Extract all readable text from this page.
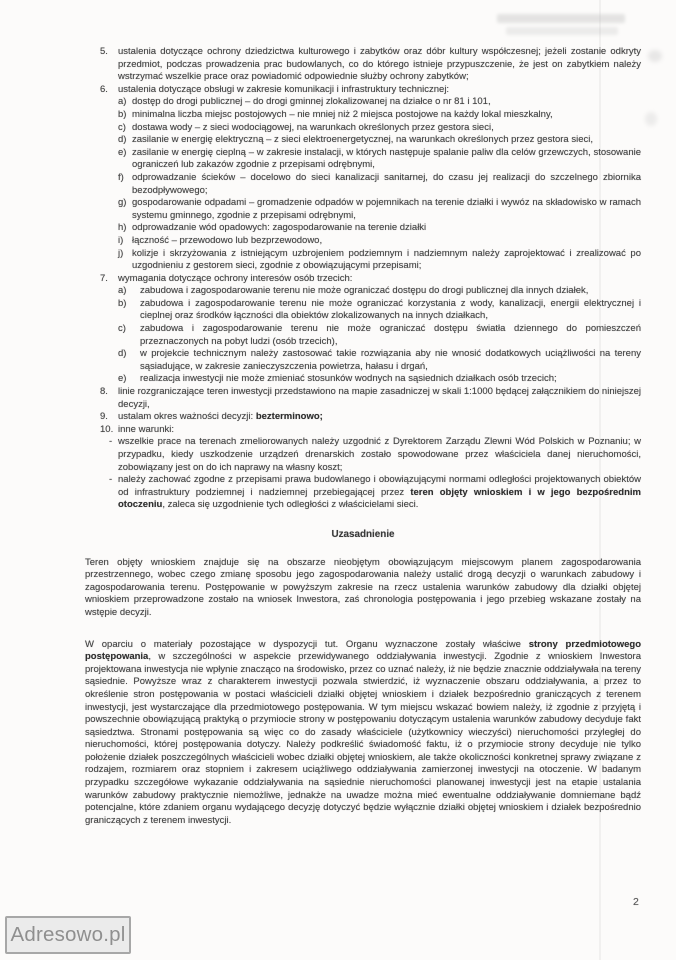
5.	ustalenia dotyczące ochrony dziedzictwa kulturowego i zabytków oraz dóbr kultury współczesnej; jeżeli zostanie odkryty przedmiot, podczas prowadzenia prac budowlanych, co do którego istnieje przypuszczenie, że jest on zabytkiem należy wstrzymać wszelkie prace oraz powiadomić odpowiednie służby ochrony zabytków;
6.	ustalenia dotyczące obsługi w zakresie komunikacji i infrastruktury technicznej:
a) dostęp do drogi publicznej – do drogi gminnej zlokalizowanej na działce o nr 81 i 101,
b) minimalna liczba miejsc postojowych – nie mniej niż 2 miejsca postojowe na każdy lokal mieszkalny,
c) dostawa wody – z sieci wodociągowej, na warunkach określonych przez gestora sieci,
d) zasilanie w energię elektryczną – z sieci elektroenergetycznej, na warunkach określonych przez gestora sieci,
e) zasilanie w energię cieplną – w zakresie instalacji, w których następuje spalanie paliw dla celów grzewczych, stosowanie ograniczeń lub zakazów zgodnie z przepisami odrębnymi,
f) odprowadzanie ścieków – docelowo do sieci kanalizacji sanitarnej, do czasu jej realizacji do szczelnego zbiornika bezodpływowego;
g) gospodarowanie odpadami – gromadzenie odpadów w pojemnikach na terenie działki i wywóz na składowisko w ramach systemu gminnego, zgodnie z przepisami odrębnymi,
h) odprowadzanie wód opadowych: zagospodarowanie na terenie działki
i) łączność – przewodowo lub bezprzewodowo,
j) kolizje i skrzyżowania z istniejącym uzbrojeniem podziemnym i nadziemnym należy zaprojektować i zrealizować po uzgodnieniu z gestorem sieci, zgodnie z obowiązującymi przepisami;
7.	wymagania dotyczące ochrony interesów osób trzecich:
a)	zabudowa i zagospodarowanie terenu nie może ograniczać dostępu do drogi publicznej dla innych działek,
b)	zabudowa i zagospodarowanie terenu nie może ograniczać korzystania z wody, kanalizacji, energii elektrycznej i cieplnej oraz środków łączności dla obiektów zlokalizowanych na innych działkach,
c)	zabudowa i zagospodarowanie terenu nie może ograniczać dostępu światła dziennego do pomieszczeń przeznaczonych na pobyt ludzi (osób trzecich),
d)	w projekcie technicznym należy zastosować takie rozwiązania aby nie wnosić dodatkowych uciążliwości na tereny sąsiadujące, w zakresie zanieczyszczenia powietrza, hałasu i drgań,
e)	realizacja inwestycji nie może zmieniać stosunków wodnych na sąsiednich działkach osób trzecich;
8.	linie rozgraniczające teren inwestycji przedstawiono na mapie zasadniczej w skali 1:1000 będącej załącznikiem do niniejszej decyzji,
9.	ustalam okres ważności decyzji: bezterminowo;
10. inne warunki:
- wszelkie prace na terenach zmeliorowanych należy uzgodnić z Dyrektorem Zarządu Zlewni Wód Polskich w Poznaniu; w przypadku, kiedy uszkodzenie urządzeń drenarskich zostało spowodowane przez właściciela danej nieruchomości, zobowiązany jest on do ich naprawy na własny koszt;
- należy zachować zgodne z przepisami prawa budowlanego i obowiązującymi normami odległości projektowanych obiektów od infrastruktury podziemnej i nadziemnej przebiegającej przez teren objęty wnioskiem i w jego bezpośrednim otoczeniu, zaleca się uzgodnienie tych odległości z właścicielami sieci.
Uzasadnienie

Teren objęty wnioskiem znajduje się na obszarze nieobjętym obowiązującym miejscowym planem zagospodarowania przestrzennego, wobec czego zmianę sposobu jego zagospodarowania należy ustalić drogą decyzji o warunkach zabudowy i zagospodarowania terenu. Postępowanie w powyższym zakresie na rzecz ustalenia warunków zabudowy dla działki objętej wnioskiem przeprowadzone zostało na wniosek Inwestora, zaś chronologia postępowania i jego przebieg wskazane zostały na wstępie decyzji.

W oparciu o materiały pozostające w dyspozycji tut. Organu wyznaczone zostały właściwe strony przedmiotowego postępowania, w szczególności w aspekcie przewidywanego oddziaływania inwestycji. Zgodnie z wnioskiem Inwestora projektowana inwestycja nie wpłynie znacząco na środowisko, przez co uznać należy, iż nie będzie znacznie oddziaływała na tereny sąsiednie. Powyższe wraz z charakterem inwestycji pozwala stwierdzić, iż wyznaczenie obszaru oddziaływania, a przez to określenie stron postępowania w postaci właścicieli działki objętej wnioskiem i działek bezpośrednio graniczących z terenem inwestycji, jest wystarczające dla przedmiotowego postępowania. W tym miejscu wskazać bowiem należy, iż zgodnie z przyjętą i powszechnie obowiązującą praktyką o przymiocie strony w postępowaniu dotyczącym ustalenia warunków zabudowy decyduje fakt sąsiedztwa. Stronami postępowania są więc co do zasady właściciele (użytkownicy wieczyści) nieruchomości przyległej do nieruchomości, której postępowania dotyczy. Należy podkreślić świadomość faktu, iż o przymiocie strony decyduje nie tylko położenie działek poszczególnych właścicieli wobec działki objętej wnioskiem, ale także okoliczności konkretnej sprawy związane z rodzajem, rozmiarem oraz stopniem i zakresem uciążliwego oddziaływania zamierzonej inwestycji na otoczenie. W badanym przypadku szczegółowe wykazanie oddziaływania na sąsiednie nieruchomości planowanej inwestycji jest na etapie ustalania warunków zabudowy praktycznie niemożliwe, jednakże na uwadze można mieć ewentualne oddziaływanie domniemane bądź potencjalne, które zdaniem organu wydającego decyzję dotyczyć będzie wyłącznie działki objętej wnioskiem i działek bezpośrednio graniczących z terenem inwestycji.

2
Adresowo.pl
